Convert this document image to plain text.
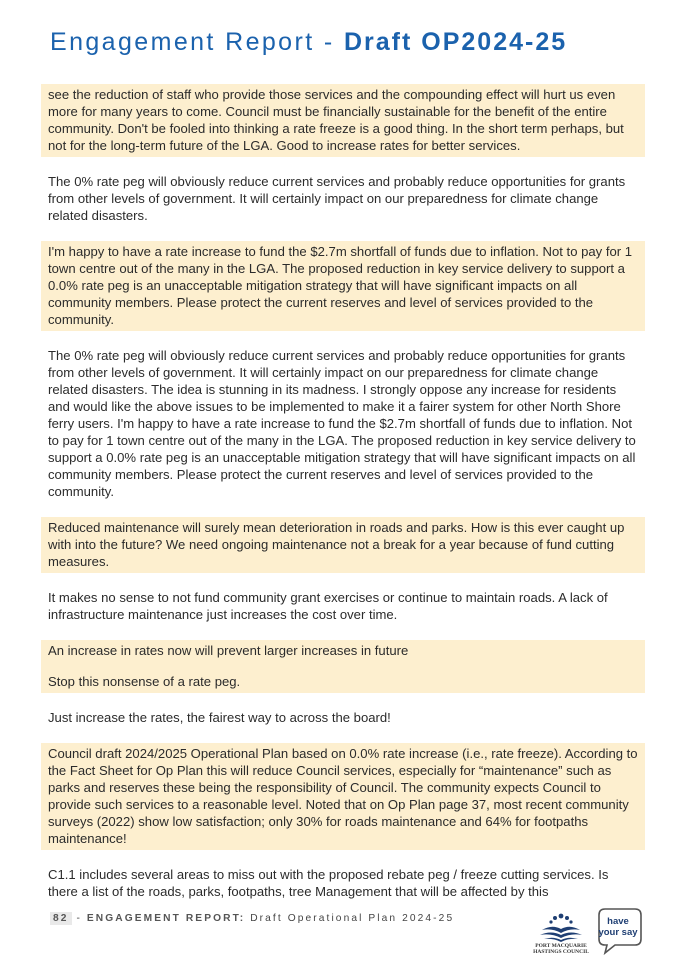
Engagement Report - Draft OP2024-25
see the reduction of staff who provide those services and the compounding effect will hurt us even more for many years to come. Council must be financially sustainable for the benefit of the entire community. Don't be fooled into thinking a rate freeze is a good thing. In the short term perhaps, but not for the long-term future of the LGA. Good to increase rates for better services.
The 0% rate peg will obviously reduce current services and probably reduce opportunities for grants from other levels of government. It will certainly impact on our preparedness for climate change related disasters.
I'm happy to have a rate increase to fund the $2.7m shortfall of funds due to inflation. Not to pay for 1 town centre out of the many in the LGA. The proposed reduction in key service delivery to support a 0.0% rate peg is an unacceptable mitigation strategy that will have significant impacts on all community members. Please protect the current reserves and level of services provided to the community.
The 0% rate peg will obviously reduce current services and probably reduce opportunities for grants from other levels of government. It will certainly impact on our preparedness for climate change related disasters. The idea is stunning in its madness. I strongly oppose any increase for residents and would like the above issues to be implemented to make it a fairer system for other North Shore ferry users. I'm happy to have a rate increase to fund the $2.7m shortfall of funds due to inflation. Not to pay for 1 town centre out of the many in the LGA. The proposed reduction in key service delivery to support a 0.0% rate peg is an unacceptable mitigation strategy that will have significant impacts on all community members. Please protect the current reserves and level of services provided to the community.
Reduced maintenance will surely mean deterioration in roads and parks. How is this ever caught up with into the future? We need ongoing maintenance not a break for a year because of fund cutting measures.
It makes no sense to not fund community grant exercises or continue to maintain roads. A lack of infrastructure maintenance just increases the cost over time.
An increase in rates now will prevent larger increases in future
Stop this nonsense of a rate peg.
Just increase the rates, the fairest way to across the board!
Council draft 2024/2025 Operational Plan based on 0.0% rate increase (i.e., rate freeze). According to the Fact Sheet for Op Plan this will reduce Council services, especially for “maintenance” such as parks and reserves these being the responsibility of Council. The community expects Council to provide such services to a reasonable level. Noted that on Op Plan page 37, most recent community surveys (2022) show low satisfaction; only 30% for roads maintenance and 64% for footpaths maintenance!
C1.1 includes several areas to miss out with the proposed rebate peg / freeze cutting services. Is there a list of the roads, parks, footpaths, tree Management that will be affected by this
82 - ENGAGEMENT REPORT: Draft Operational Plan 2024-25
PORT MACQUARIE
HASTINGS COUNCIL
have
your say
